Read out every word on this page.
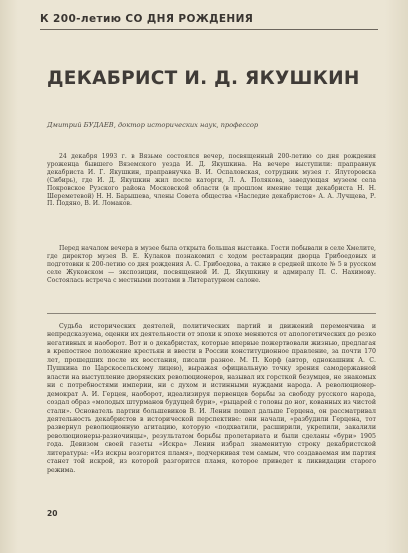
К 200-летию СО ДНЯ РОЖДЕНИЯ
ДЕКАБРИСТ И. Д. ЯКУШКИН
Дмитрий БУДАЕВ, доктор исторических наук, профессор

24 декабря 1993 г. в Вязьме состоялся вечер, посвященный 200-летию со дня рождения уроженца бывшего Вяземского уезда И. Д. Якушкина. На вечере выступили: праправнук декабриста И. Г. Якушкин, праправнучка В. И. Оспаловская, сотрудник музея г. Ялуторовска (Сибирь), где И. Д. Якушкин жил после каторги, Л. А. Полякова, заведующая музеем села Покровское Рузского района Московской области (в прошлом имение тещи декабриста Н. Н. Шереметевой) Н. Н. Барышева, члены Совета общества «Наследие декабристов» А. А. Лучщева, Р. П. Подяно, В. И. Ломаков.

Перед началом вечера в музее была открыта большая выставка. Гости побывали в селе Хмелите, где директор музея В. Е. Кулаков познакомил с ходом реставрации дворца Грибоедовых и подготовки к 200-летию со дня рождения А. С. Грибоедова, а также в средней школе № 5 в русском селе Жуковском — экспозиции, посвященной И. Д. Якушкину и адмиралу П. С. Нахимову. Состоялась встреча с местными поэтами в Литературном салоне.

Судьба исторических деятелей, политических партий и движений переменчива и непредсказуема, оценки их деятельности от эпохи к эпохе меняются от апологетических до резко негативных и наоборот. Вот и о декабристах, которые впервые пожертвовали жизнью, предлагая в крепостное положение крестьян и ввести в России конституционное правление, за почти 170 лет, прошедших после их восстания, писали разное. М. П. Корф (автор, однокашник А. С. Пушкина по Царскосельскому лицею), выражая официальную точку зрения самодержавной власти на выступление дворянских революционеров, называл их горсткой безумцев, не знакомых ни с потребностями империи, ни с духом и истинными нуждами народа. А революционер-демократ А. И. Герцен, наоборот, идеализируя первенцев борьбы за свободу русского народа, создал образ «молодых штурманов будущей бури», «рыцарей с головы до ног, кованных из чистой стали». Основатель партии большевиков В. И. Ленин пошел дальше Герцена, он рассматривал деятельность декабристов в исторической перспективе: они начали, «разбудили Герцена, тот развернул революционную агитацию, которую «подхватили, расширили, укрепили, закалили революционеры-разночинцы», результатом борьбы пролетариата и были сделаны «бури» 1905 года. Девизом своей газеты «Искра» Ленин избрал знаменитую строку декабристской литературы: «Из искры возгорится пламя», подчеркивая тем самым, что создаваемая им партия станет той искрой, из которой разгорится пламя, которое приведет к ликвидации старого режима.

20
